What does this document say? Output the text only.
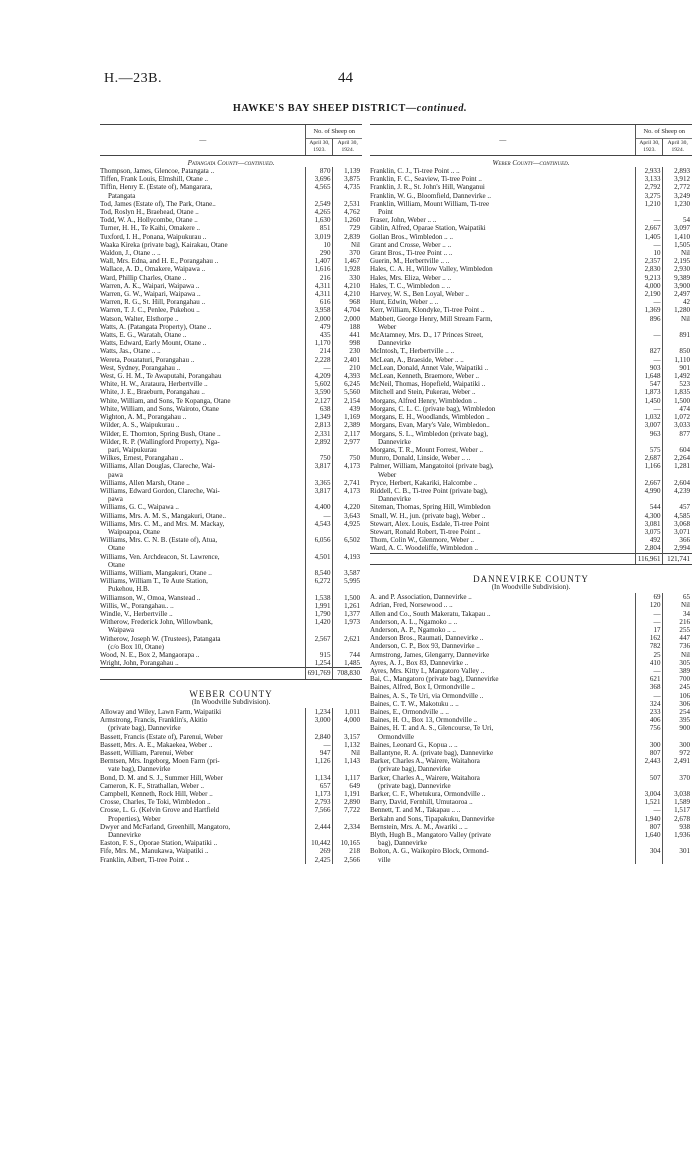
H.—23B.	44
HAWKE'S BAY SHEEP DISTRICT—continued.
—	No. of Sheep on	
	April 30,
1923.	April 30,
1924.

Patangata County—continued.		
Thompson, James, Glencoe, Patangata ..	870	1,139
Tiffen, Frank Louis, Elmshill, Otane ..	3,696	3,875
Tiffin, Henry E. (Estate of), Mangarara,	4,565	4,735
Patangata		
Tod, James (Estate of), The Park, Otane..	2,549	2,531
Tod, Roslyn H., Braehead, Otane ..	4,265	4,762
Todd, W. A., Hollycombe, Otane ..	1,630	1,260
Turner, H. H., Te Kaihi, Omakere ..	851	729
Tuxford, I. H., Ponana, Waipukurau ..	3,019	2,839
Waaka Kireka (private bag), Kairakau, Otane	10	Nil
Waldon, J., Otane .. ..	290	370
Wall, Mrs. Edna, and H. E., Porangahau ..	1,407	1,467
Wallace, A. D., Omakere, Waipawa ..	1,616	1,928
Ward, Phillip Charles, Otane ..	216	330
Warren, A. K., Waipari, Waipawa ..	4,311	4,210
Warren, G. W., Waipari, Waipawa ..	4,311	4,210
Warren, R. G., St. Hill, Porangahau ..	616	968
Warren, T. J. C., Penlee, Pukehou ..	3,958	4,704
Watson, Walter, Elsthorpe ..	2,000	2,000
Watts, A. (Patangata Property), Otane ..	479	188
Watts, E. G., Waratah, Otane ..	435	441
Watts, Edward, Early Mount, Otane ..	1,170	998
Watts, Jas., Otane .. ..	214	230
Wereta, Pouataturi, Porangahau ..	2,228	2,401
West, Sydney, Porangahau ..	—	210
West, G. H. M., Te Awaputahi, Porangahau	4,209	4,393
White, H. W., Arataura, Herbertville ..	5,602	6,245
White, J. E., Braeburn, Porangahau ..	3,590	5,560
White, William, and Sons, Te Kopanga, Otane	2,127	2,154
White, William, and Sons, Wairoto, Otane	638	439
Wighton, A. M., Porangahau ..	1,349	1,169
Wilder, A. S., Waipukurau ..	2,813	2,389
Wilder, E. Thornton, Spring Bush, Otane ..	2,331	2,117
Wilder, R. P. (Wallingford Property), Nga-	2,892	2,977
pari, Waipukurau		
Wilkes, Ernest, Porangahau ..	750	750
Williams, Allan Douglas, Clareche, Wai-	3,817	4,173
pawa		
Williams, Allen Marsh, Otane ..	3,365	2,741
Williams, Edward Gordon, Clareche, Wai-	3,817	4,173
pawa		
Williams, G. C., Waipawa ..	4,400	4,220
Williams, Mrs. A. M. S., Mangakuri, Otane..	—	3,643
Williams, Mrs. C. M., and Mrs. M. Mackay,	4,543	4,925
Waipoapoa, Otane		
Williams, Mrs. C. N. B. (Estate of), Atua,	6,056	6,502
Otane		
Williams, Ven. Archdeacon, St. Lawrence,	4,501	4,193
Otane		
Williams, William, Mangakuri, Otane ..	8,540	3,587
Williams, William T., Te Aute Station,	6,272	5,995
Pukehou, H.B.		
Williamson, W., Omoa, Wanstead ..	1,538	1,500
Willis, W., Porangahau.. ..	1,991	1,261
Windle, V., Herbertville ..	1,790	1,377
Witherow, Frederick John, Willowbank,	1,420	1,973
Waipawa		
Witherow, Joseph W. (Trustees), Patangata	2,567	2,621
(c/o Box 10, Otane)		
Wood, N. E., Box 2, Mangaorapa ..	915	744
Wright, John, Porangahau ..	1,254	1,485
	691,769	708,830
WEBER COUNTY		
(In Woodville Subdivision).		
Alloway and Wiley, Lawn Farm, Waipatiki	1,234	1,011
Armstrong, Francis, Franklin's, Akitio	3,000	4,000
(private bag), Dannevirke		
Bassett, Francis (Estate of), Parenui, Weber	2,840	3,157
Bassett, Mrs. A. E., Makaekea, Weber ..	—	1,132
Bassett, William, Parenui, Weber	947	Nil
Berntsen, Mrs. Ingeborg, Moen Farm (pri-	1,126	1,143
vate bag), Dannevirke		
Bond, D. M. and S. J., Summer Hill, Weber	1,134	1,117
Cameron, K. F., Strathallan, Weber ..	657	649
Campbell, Kenneth, Rock Hill, Weber ..	1,173	1,191
Crosse, Charles, Te Toki, Wimbledon ..	2,793	2,890
Crosse, L. G. (Kelvin Grove and Hartfield	7,566	7,722
Properties), Weber		
Dwyer and McFarland, Greenhill, Mangatoro,	2,444	2,334
Dannevirke		
Easton, F. S., Oporae Station, Waipatiki ..	10,442	10,165
Fife, Mrs. M., Manukawa, Waipatiki ..	269	218
Franklin, Albert, Ti-tree Point ..	2,425	2,566
—	No. of Sheep on	
	April 30,
1923.	April 30,
1924.

Weber County—continued.		
Franklin, C. J., Ti-tree Point .. ..	2,933	2,893
Franklin, F. C., Seaview, Ti-tree Point ..	3,133	3,912
Franklin, J. R., St. John's Hill, Wanganui	2,792	2,772
Franklin, W. G., Bloomfield, Dannevirke ..	3,275	3,249
Franklin, William, Mount William, Ti-tree	1,210	1,230
Point		
Fraser, John, Weber .. ..	—	54
Giblin, Alfred, Oparae Station, Waipatiki	2,667	3,097
Gollan Bros., Wimbledon .. ..	1,405	1,410
Grant and Crosse, Weber .. ..	—	1,505
Grant Bros., Ti-tree Point .. ..	10	Nil
Guerin, M., Herbertville .. ..	2,357	2,195
Hales, C. A. H., Willow Valley, Wimbledon	2,830	2,930
Hales, Mrs. Eliza, Weber .. ..	9,213	9,389
Hales, T. C., Wimbledon .. ..	4,000	3,900
Harvey, W. S., Ben Loyal, Weber ..	2,190	2,497
Hunt, Edwin, Weber .. ..	—	42
Kerr, William, Klondyke, Ti-tree Point ..	1,369	1,280
Mabbett, George Henry, Mill Stream Farm,	896	Nil
Weber		
McAtamney, Mrs. D., 17 Princes Street,	—	891
Dannevirke		
McIntosh, T., Herbertville .. ..	827	850
McLean, A., Braeside, Weber .. ..	—	1,110
McLean, Donald, Annet Vale, Waipatiki ..	903	901
McLean, Kenneth, Braemore, Weber ..	1,648	1,492
McNeil, Thomas, Hopefield, Waipatiki ..	547	523
Mitchell and Stein, Pukerau, Weber ..	1,873	1,835
Morgans, Alfred Henry, Wimbledon ..	1,450	1,500
Morgans, C. L. C. (private bag), Wimbledon	—	474
Morgans, E. H., Woodlands, Wimbledon ..	1,032	1,072
Morgans, Evan, Mary's Vale, Wimbledon..	3,007	3,033
Morgans, S. L., Wimbledon (private bag),	963	877
Dannevirke		
Morgans, T. R., Mount Forrest, Weber ..	575	604
Munro, Donald, Linside, Weber .. ..	2,687	2,264
Palmer, William, Mangatoitoi (private bag),	1,166	1,281
Weber		
Pryce, Herbert, Kakariki, Halcombe ..	2,667	2,604
Riddell, C. B., Ti-tree Point (private bag),	4,990	4,239
Dannevirke		
Siteman, Thomas, Spring Hill, Wimbledon	544	457
Small, W. H., jun. (private bag), Weber ..	4,300	4,585
Stewart, Alex. Louis, Esdale, Ti-tree Point	3,081	3,068
Stewart, Ronald Robert, Ti-tree Point ..	3,075	3,071
Thom, Colin W., Glenmore, Weber ..	492	366
Ward, A. C. Woodeliffe, Wimbledon ..	2,804	2,994
	116,961	121,741
DANNEVIRKE COUNTY		
(In Woodville Subdivision).		
A. and P. Association, Dannevirke ..	69	65
Adrian, Fred, Norsewood .. ..	120	Nil
Allen and Co., South Makeratu, Takapau ..	—	34
Anderson, A. L., Ngamoko .. ..	—	216
Anderson, A. P., Ngamoko .. ..	17	255
Anderson Bros., Raumati, Dannevirke ..	162	447
Anderson, C. P., Box 93, Dannevirke ..	782	736
Armstrong, James, Glengarry, Dannevirke	25	Nil
Ayres, A. J., Box 83, Dannevirke ..	410	305
Ayres, Mrs. Kitty I., Mangatoro Valley ..	—	389
Bai, C., Mangatoro (private bag), Dannevirke	621	700
Baines, Alfred, Box I, Ormondville ..	368	245
Baines, A. S., Te Uri, via Ormondville ..	—	106
Baines, C. T. W., Makotuku .. ..	324	306
Baines, E., Ormondville .. ..	233	254
Baines, H. O., Box 13, Ormondville ..	406	395
Baines, H. T. and A. S., Glencourse, Te Uri,	756	900
Ormondville		
Baines, Leonard G., Kopua .. ..	300	300
Ballantyne, R. A. (private bag), Dannevirke	807	972
Barker, Charles A., Wairere, Waitahora	2,443	2,491
(private bag), Dannevirke		
Barker, Charles A., Wairere, Waitahora	507	370
(private bag), Dannevirke		
Barker, C. F., Whetukura, Ormondville ..	3,004	3,038
Barry, David, Fernhill, Umutaoroa ..	1,521	1,589
Bennett, T. and M., Takapau .. ..	—	1,517
Berkahn and Sons, Tipapakuku, Dannevirke	1,940	2,678
Bernstein, Mrs. A. M., Awariki .. ..	807	938
Blyth, Hugh B., Mangatoro Valley (private	1,640	1,936
bag), Dannevirke		
Bolton, A. G., Waikopiro Block, Ormond-	304	301
ville		
